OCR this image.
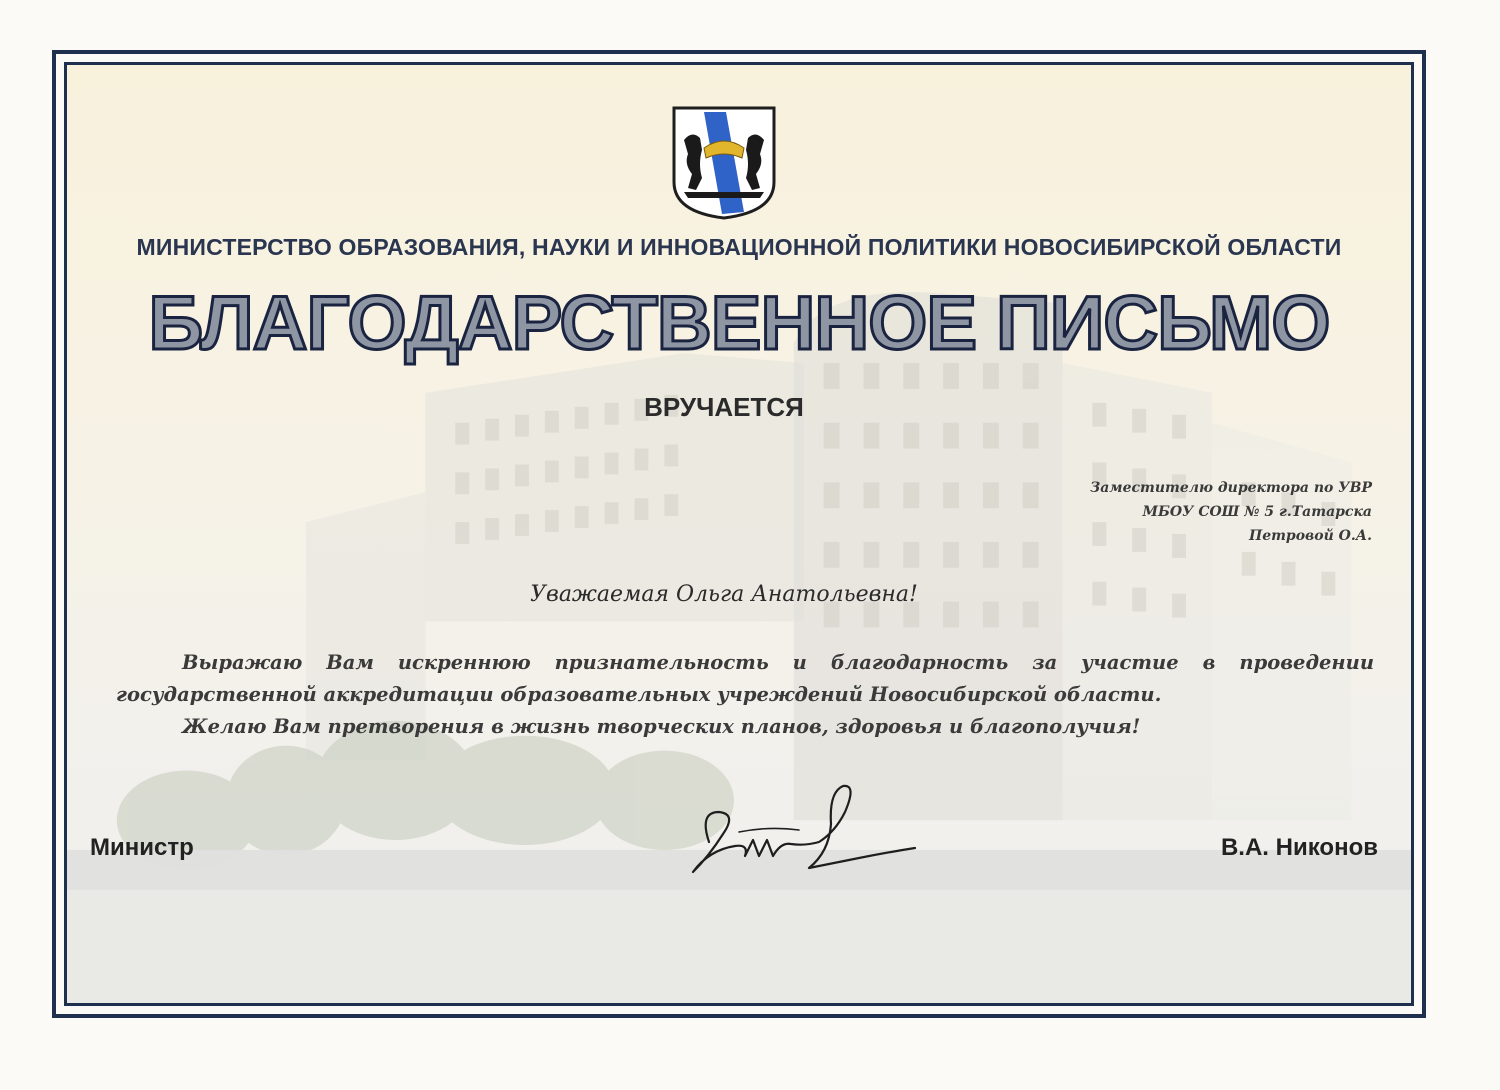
МИНИСТЕРСТВО ОБРАЗОВАНИЯ, НАУКИ И ИННОВАЦИОННОЙ ПОЛИТИКИ НОВОСИБИРСКОЙ ОБЛАСТИ
БЛАГОДАРСТВЕННОЕ ПИСЬМО
ВРУЧАЕТСЯ
Заместителю директора по УВР
МБОУ СОШ № 5 г.Татарска
Петровой О.А.
Уважаемая Ольга Анатольевна!

Выражаю Вам искреннюю признательность и благодарность за участие в проведении государственной аккредитации образовательных учреждений Новосибирской области.

Желаю Вам претворения в жизнь творческих планов, здоровья и благополучия!

Министр	В.А. Никонов
